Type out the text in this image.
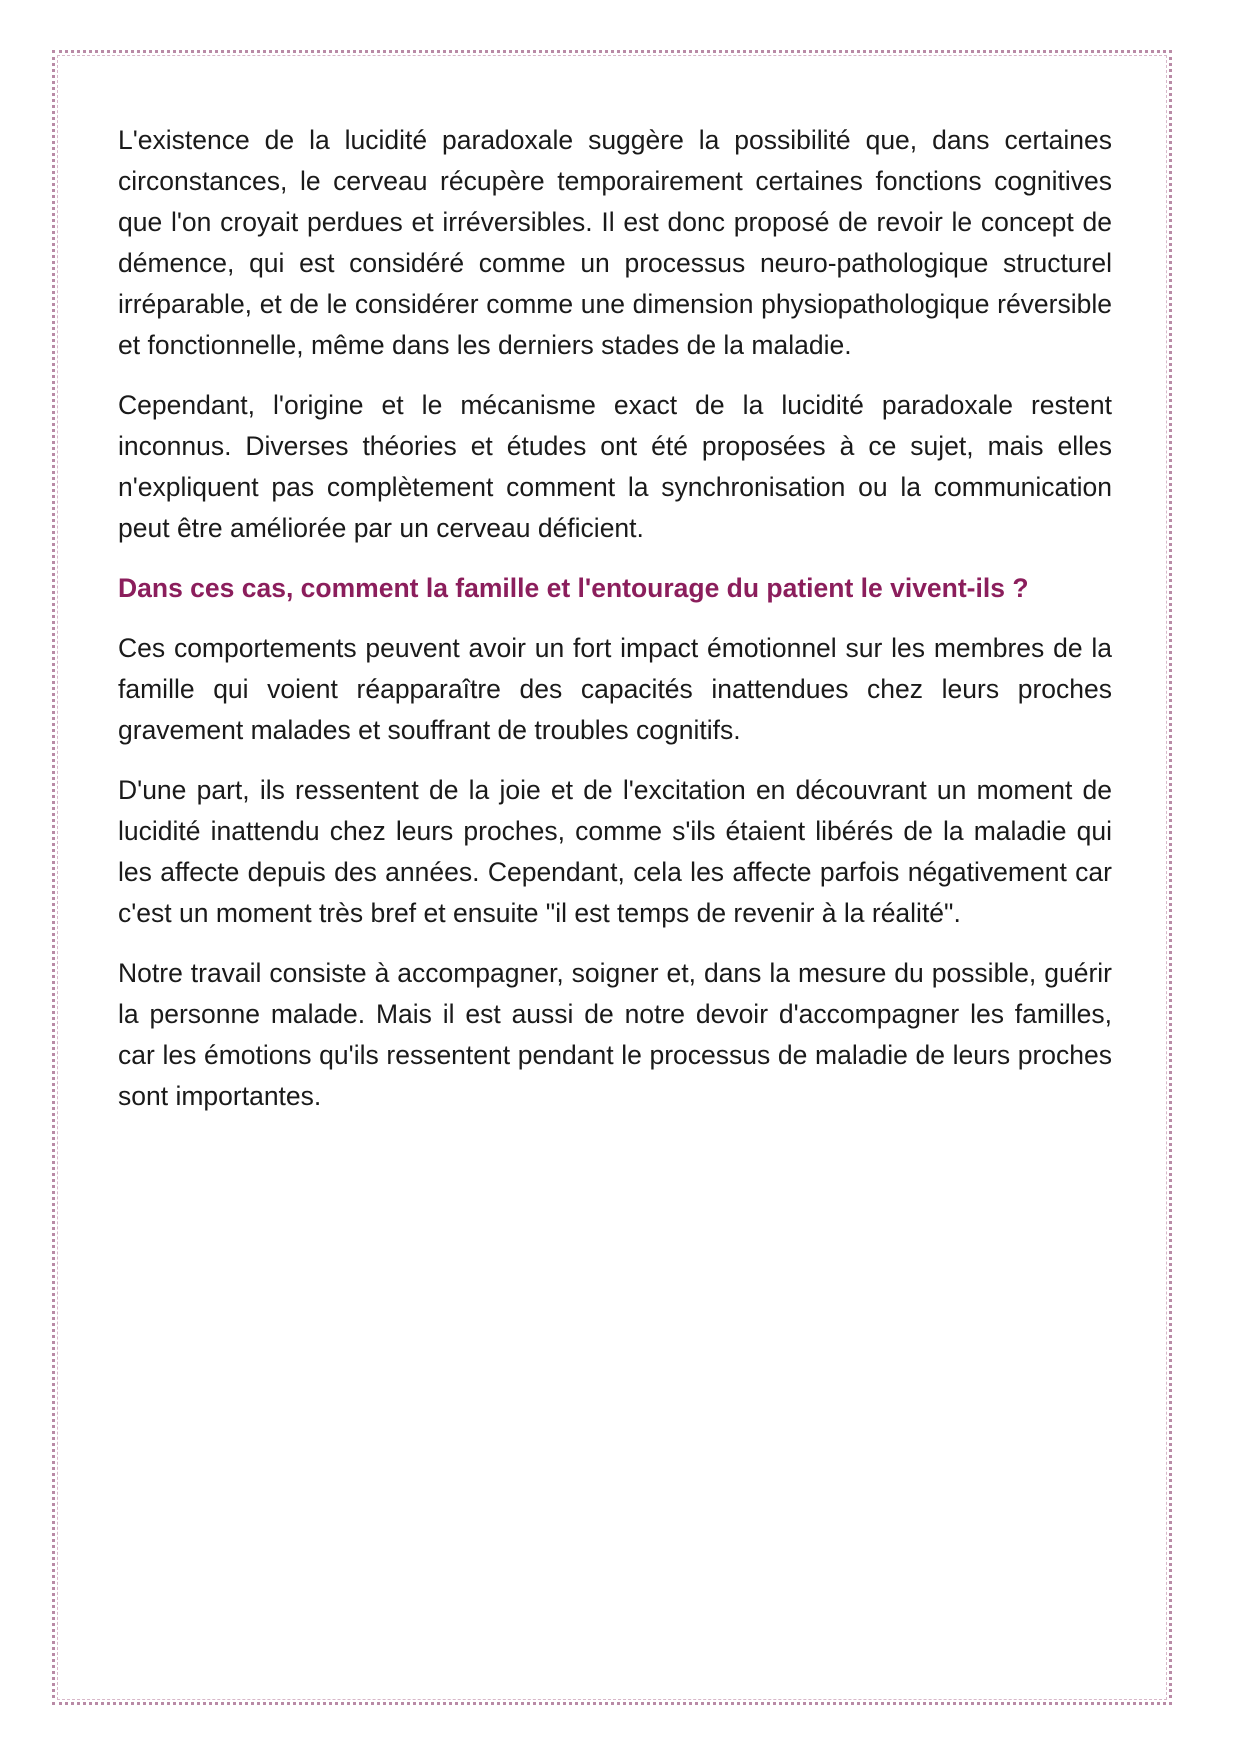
L'existence de la lucidité paradoxale suggère la possibilité que, dans certaines circonstances, le cerveau récupère temporairement certaines fonctions cognitives que l'on croyait perdues et irréversibles. Il est donc proposé de revoir le concept de démence, qui est considéré comme un processus neuro-pathologique structurel irréparable, et de le considérer comme une dimension physiopathologique réversible et fonctionnelle, même dans les derniers stades de la maladie.

Cependant, l'origine et le mécanisme exact de la lucidité paradoxale restent inconnus. Diverses théories et études ont été proposées à ce sujet, mais elles n'expliquent pas complètement comment la synchronisation ou la communication peut être améliorée par un cerveau déficient.

Dans ces cas, comment la famille et l'entourage du patient le vivent-ils ?

Ces comportements peuvent avoir un fort impact émotionnel sur les membres de la famille qui voient réapparaître des capacités inattendues chez leurs proches gravement malades et souffrant de troubles cognitifs.

D'une part, ils ressentent de la joie et de l'excitation en découvrant un moment de lucidité inattendu chez leurs proches, comme s'ils étaient libérés de la maladie qui les affecte depuis des années. Cependant, cela les affecte parfois négativement car c'est un moment très bref et ensuite "il est temps de revenir à la réalité".

Notre travail consiste à accompagner, soigner et, dans la mesure du possible, guérir la personne malade. Mais il est aussi de notre devoir d'accompagner les familles, car les émotions qu'ils ressentent pendant le processus de maladie de leurs proches sont importantes.
